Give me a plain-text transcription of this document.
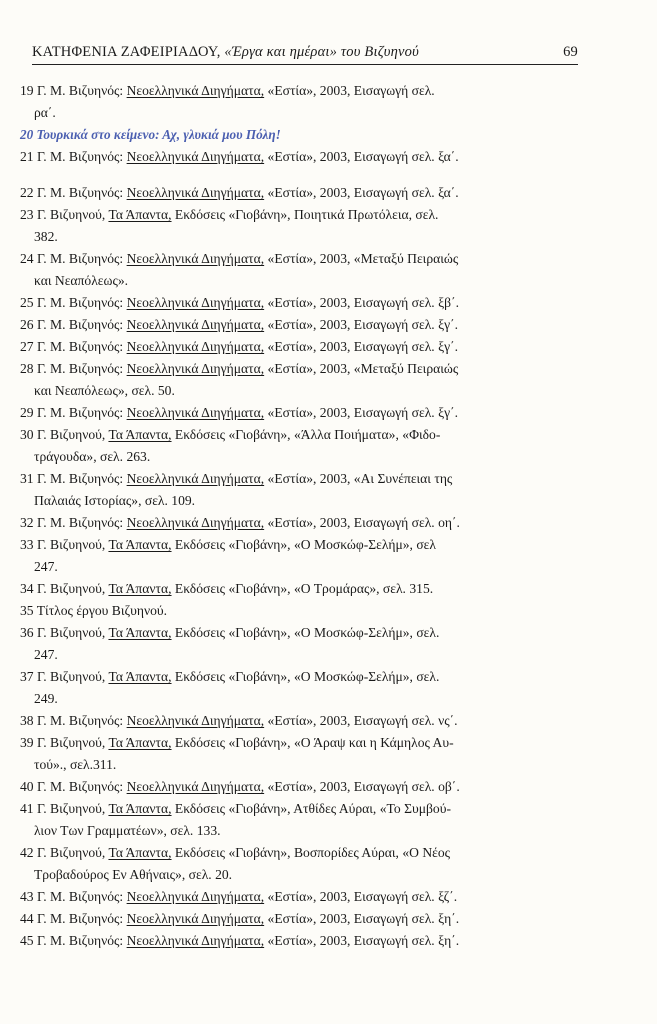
ΚΑΤΗΦΕΝΙΑ ΖΑΦΕΙΡΙΑΔΟΥ, «Έργα και ημέραι» του Βιζυηνού	69
19 Γ. Μ. Βιζυηνός: Νεοελληνικά Διηγήματα, «Εστία», 2003, Εισαγωγή σελ.
ρα΄.
20 Τουρκικά στο κείμενο: Αχ, γλυκιά μου Πόλη!
21 Γ. Μ. Βιζυηνός: Νεοελληνικά Διηγήματα, «Εστία», 2003, Εισαγωγή σελ. ξα΄.
22 Γ. Μ. Βιζυηνός: Νεοελληνικά Διηγήματα, «Εστία», 2003, Εισαγωγή σελ. ξα΄.
23 Γ. Βιζυηνού, Τα Άπαντα, Εκδόσεις «Γιοβάνη», Ποιητικά Πρωτόλεια, σελ.
382.
24 Γ. Μ. Βιζυηνός: Νεοελληνικά Διηγήματα, «Εστία», 2003, «Μεταξύ Πειραιώς
και Νεαπόλεως».
25 Γ. Μ. Βιζυηνός: Νεοελληνικά Διηγήματα, «Εστία», 2003, Εισαγωγή σελ. ξβ΄.
26 Γ. Μ. Βιζυηνός: Νεοελληνικά Διηγήματα, «Εστία», 2003, Εισαγωγή σελ. ξγ΄.
27 Γ. Μ. Βιζυηνός: Νεοελληνικά Διηγήματα, «Εστία», 2003, Εισαγωγή σελ. ξγ΄.
28 Γ. Μ. Βιζυηνός: Νεοελληνικά Διηγήματα, «Εστία», 2003, «Μεταξύ Πειραιώς
και Νεαπόλεως», σελ. 50.
29 Γ. Μ. Βιζυηνός: Νεοελληνικά Διηγήματα, «Εστία», 2003, Εισαγωγή σελ. ξγ΄.
30 Γ. Βιζυηνού, Τα Άπαντα, Εκδόσεις «Γιοβάνη», «Άλλα Ποιήματα», «Φιδο-
τράγουδα», σελ. 263.
31 Γ. Μ. Βιζυηνός: Νεοελληνικά Διηγήματα, «Εστία», 2003, «Αι Συνέπειαι της
Παλαιάς Ιστορίας», σελ. 109.
32 Γ. Μ. Βιζυηνός: Νεοελληνικά Διηγήματα, «Εστία», 2003, Εισαγωγή σελ. οη΄.
33 Γ. Βιζυηνού, Τα Άπαντα, Εκδόσεις «Γιοβάνη», «Ο Μοσκώφ-Σελήμ», σελ
247.
34 Γ. Βιζυηνού, Τα Άπαντα, Εκδόσεις «Γιοβάνη», «Ο Τρομάρας», σελ. 315.
35 Τίτλος έργου Βιζυηνού.
36 Γ. Βιζυηνού, Τα Άπαντα, Εκδόσεις «Γιοβάνη», «Ο Μοσκώφ-Σελήμ», σελ.
247.
37 Γ. Βιζυηνού, Τα Άπαντα, Εκδόσεις «Γιοβάνη», «Ο Μοσκώφ-Σελήμ», σελ.
249.
38 Γ. Μ. Βιζυηνός: Νεοελληνικά Διηγήματα, «Εστία», 2003, Εισαγωγή σελ. νς΄.
39 Γ. Βιζυηνού, Τα Άπαντα, Εκδόσεις «Γιοβάνη», «Ο Άραψ και η Κάμηλος Αυ-
τού»., σελ.311.
40 Γ. Μ. Βιζυηνός: Νεοελληνικά Διηγήματα, «Εστία», 2003, Εισαγωγή σελ. οβ΄.
41 Γ. Βιζυηνού, Τα Άπαντα, Εκδόσεις «Γιοβάνη», Ατθίδες Αύραι, «Το Συμβού-
λιον Των Γραμματέων», σελ. 133.
42 Γ. Βιζυηνού, Τα Άπαντα, Εκδόσεις «Γιοβάνη», Βοσπορίδες Αύραι, «Ο Νέος
Τροβαδούρος Εν Αθήναις», σελ. 20.
43 Γ. Μ. Βιζυηνός: Νεοελληνικά Διηγήματα, «Εστία», 2003, Εισαγωγή σελ. ξζ΄.
44 Γ. Μ. Βιζυηνός: Νεοελληνικά Διηγήματα, «Εστία», 2003, Εισαγωγή σελ. ξη΄.
45 Γ. Μ. Βιζυηνός: Νεοελληνικά Διηγήματα, «Εστία», 2003, Εισαγωγή σελ. ξη΄.
